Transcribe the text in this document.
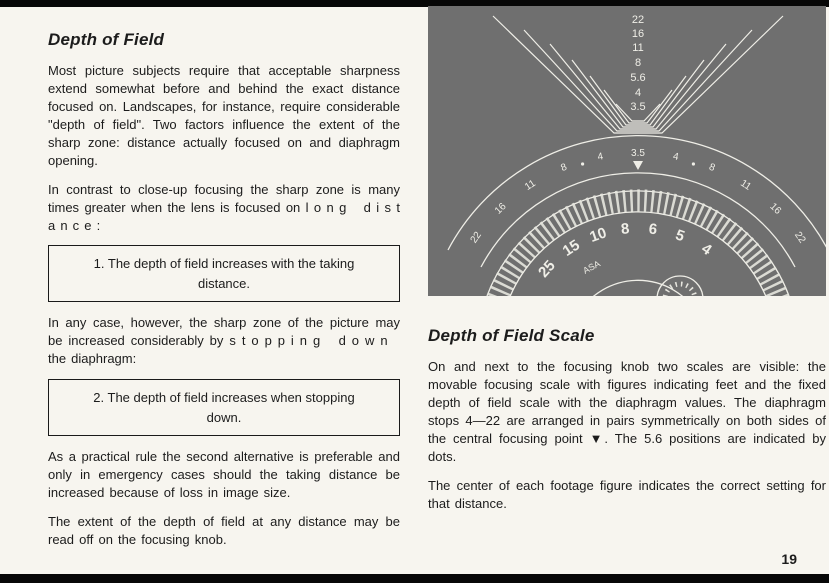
Depth of Field

Most picture subjects require that acceptable sharpness extend somewhat before and behind the exact distance focused on. Landscapes, for instance, require considerable "depth of field". Two factors influence the extent of the sharp zone: distance actually focused on and diaphragm opening.

In contrast to close-up focusing the sharp zone is many times greater when the lens is focused on l o n g   d i s t a n c e :

1. The depth of field increases with the taking distance.

In any case, however, the sharp zone of the picture may be increased considerably by s t o p p i n g   d o w n   the diaphragm:

2. The depth of field increases when stopping down.

As a practical rule the second alternative is preferable and only in emergency cases should the taking distance be increased because of loss in image size.

The extent of the depth of field at any distance may be read off on the focusing knob.

22
16
11
8
5.6
4
3.5
22
16
11
8
4	3.5	4
8
11
16
22
25
15
10 8 6 5
4
ASA
Depth of Field Scale

On and next to the focusing knob two scales are visible: the movable focusing scale with figures indicating feet and the fixed depth of field scale with the diaphragm values. The diaphragm stops 4—22 are arranged in pairs symmetrically on both sides of the central focusing point ▼. The 5.6 positions are indicated by dots.

The center of each footage figure indicates the correct setting for that distance.

19
